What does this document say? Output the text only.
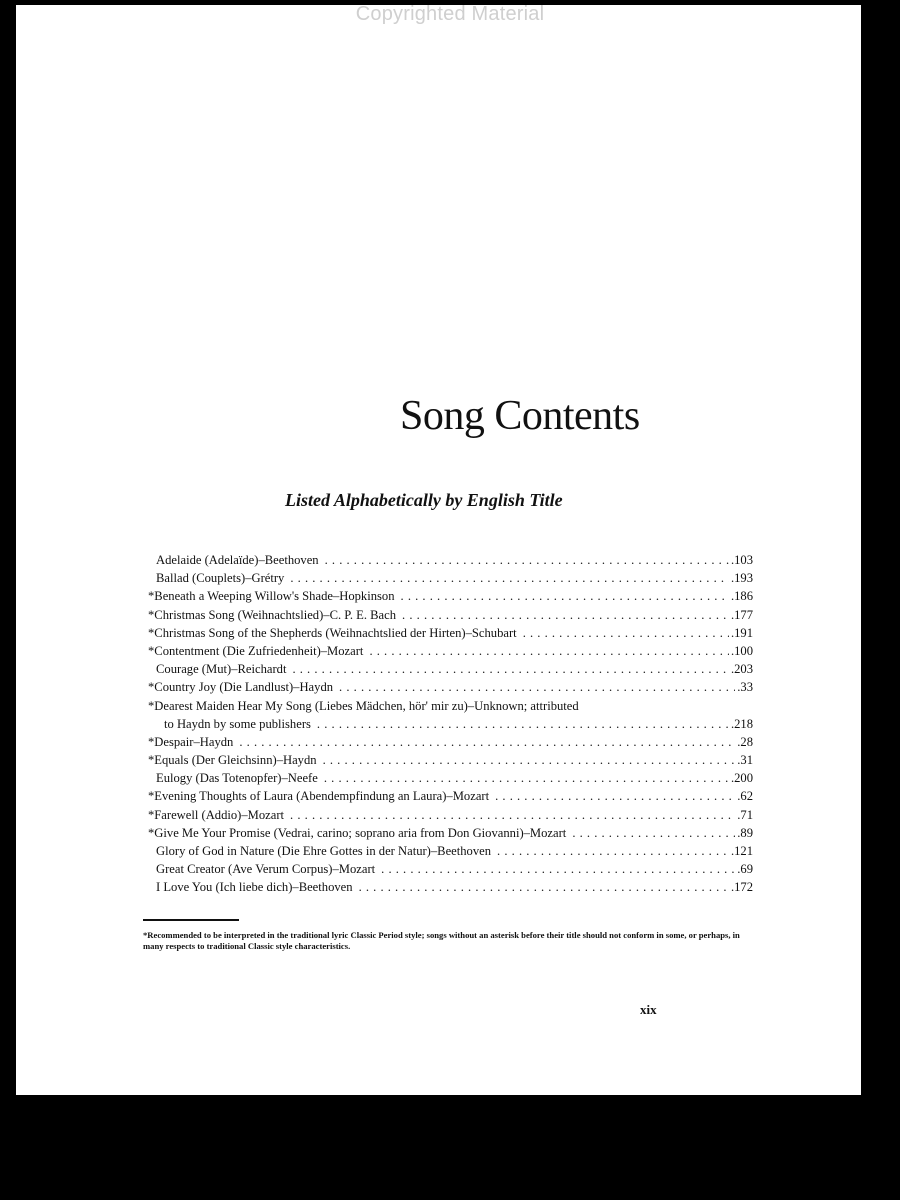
Copyrighted Material
Song Contents
Listed Alphabetically by English Title
Adelaide (Adelaïde)–Beethoven . . .	.103
Ballad (Couplets)–Grétry . . .	.193
*Beneath a Weeping Willow's Shade–Hopkinson . . .	.186
*Christmas Song (Weihnachtslied)–C. P. E. Bach . . .	.177
*Christmas Song of the Shepherds (Weihnachtslied der Hirten)–Schubart . . .	.191
*Contentment (Die Zufriedenheit)–Mozart . . .	.100
Courage (Mut)–Reichardt . . .	.203
*Country Joy (Die Landlust)–Haydn . . .	.33
*Dearest Maiden Hear My Song (Liebes Mädchen, hör' mir zu)–Unknown; attributed
to Haydn by some publishers . . .	.218
*Despair–Haydn . . .	.28
*Equals (Der Gleichsinn)–Haydn . . .	.31
Eulogy (Das Totenopfer)–Neefe . . .	.200
*Evening Thoughts of Laura (Abendempfindung an Laura)–Mozart . . .	.62
*Farewell (Addio)–Mozart . . .	.71
*Give Me Your Promise (Vedrai, carino; soprano aria from Don Giovanni)–Mozart . . .	.89
Glory of God in Nature (Die Ehre Gottes in der Natur)–Beethoven . . .	.121
Great Creator (Ave Verum Corpus)–Mozart . . .	.69
I Love You (Ich liebe dich)–Beethoven . . .	.172
*Recommended to be interpreted in the traditional lyric Classic Period style; songs without an asterisk before their title should not conform in some, or perhaps, in many respects to traditional Classic style characteristics.
xix
